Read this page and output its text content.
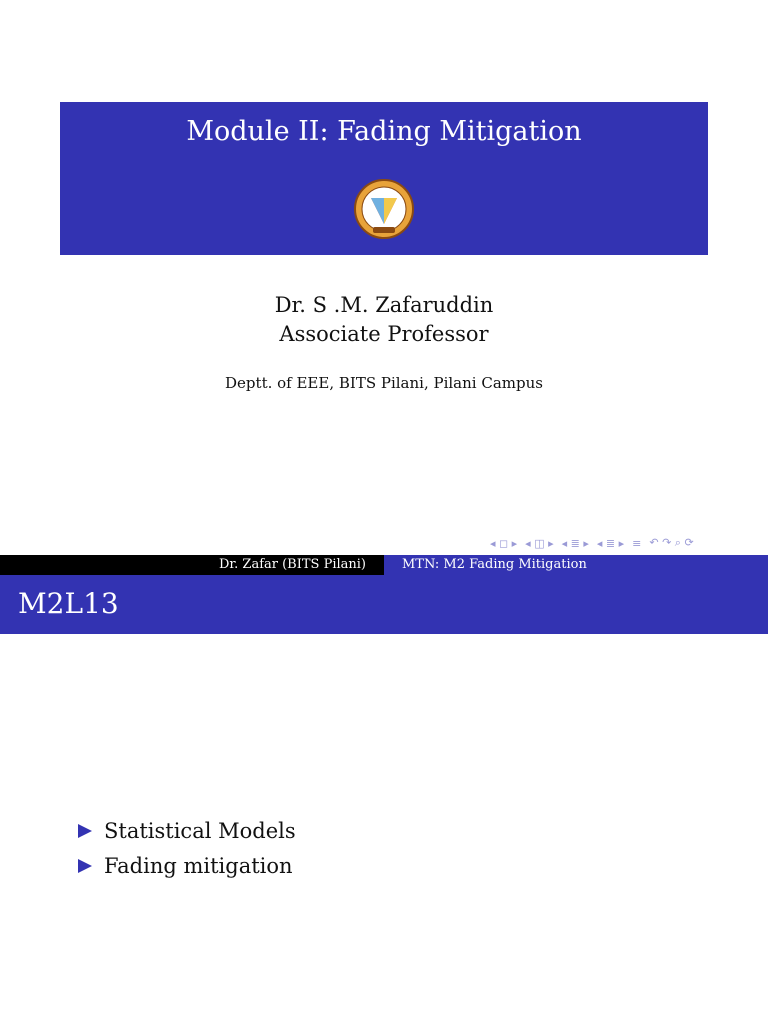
Module II: Fading Mitigation
Dr. S .M. Zafaruddin
Associate Professor
Deptt. of EEE, BITS Pilani, Pilani Campus
◂ ◻ ▸ ◂ ◫ ▸ ◂ ≣ ▸ ◂ ≣ ▸ ≡ ↶ ↷ ⌕ ⟳
Dr. Zafar (BITS Pilani)	MTN: M2 Fading Mitigation
M2L13
Statistical Models
Fading mitigation
